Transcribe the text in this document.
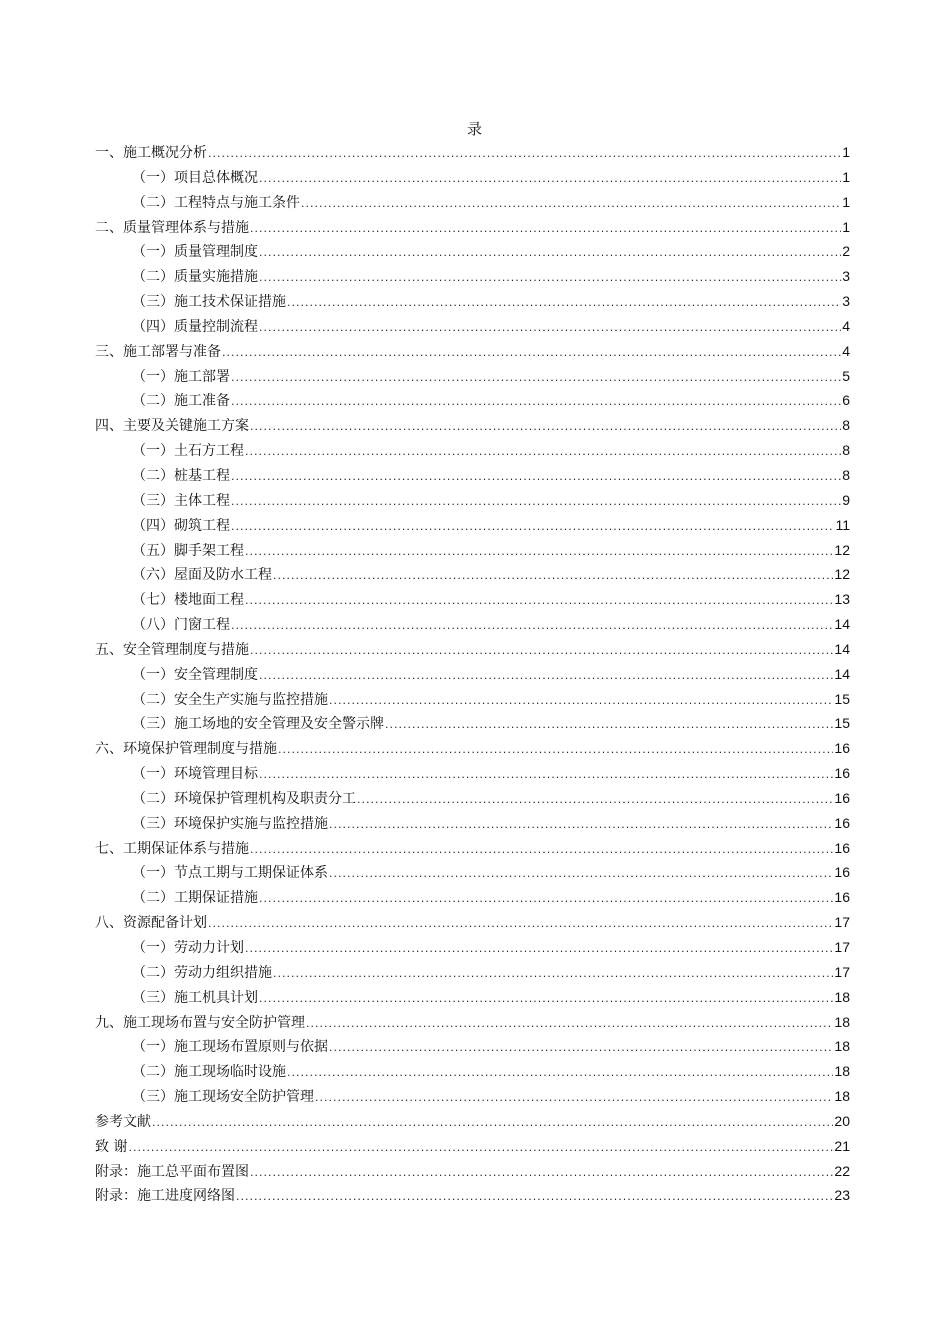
录
一、施工概况分析 .....	1
（一）项目总体概况 .....	1
（二）工程特点与施工条件 .....	1
二、质量管理体系与措施 .....	1
（一）质量管理制度 .....	2
（二）质量实施措施 .....	3
（三）施工技术保证措施 .....	3
（四）质量控制流程 .....	4
三、施工部署与准备 .....	4
（一）施工部署 .....	5
（二）施工准备 .....	6
四、主要及关键施工方案 .....	8
（一）土石方工程 .....	8
（二）桩基工程 .....	8
（三）主体工程 .....	9
（四）砌筑工程 .....	11
（五）脚手架工程 .....	12
（六）屋面及防水工程 .....	12
（七）楼地面工程 .....	13
（八）门窗工程 .....	14
五、安全管理制度与措施 .....	14
（一）安全管理制度 .....	14
（二）安全生产实施与监控措施 .....	15
（三）施工场地的安全管理及安全警示牌 .....	15
六、环境保护管理制度与措施 .....	16
（一）环境管理目标 .....	16
（二）环境保护管理机构及职责分工 .....	16
（三）环境保护实施与监控措施 .....	16
七、工期保证体系与措施 .....	16
（一）节点工期与工期保证体系 .....	16
（二）工期保证措施 .....	16
八、资源配备计划 .....	17
（一）劳动力计划 .....	17
（二）劳动力组织措施 .....	17
（三）施工机具计划 .....	18
九、施工现场布置与安全防护管理 .....	18
（一）施工现场布置原则与依据 .....	18
（二）施工现场临时设施 .....	18
（三）施工现场安全防护管理 .....	18
参考文献 .....	20
致 谢 .....	21
附录：施工总平面布置图 .....	22
附录：施工进度网络图 .....	23
